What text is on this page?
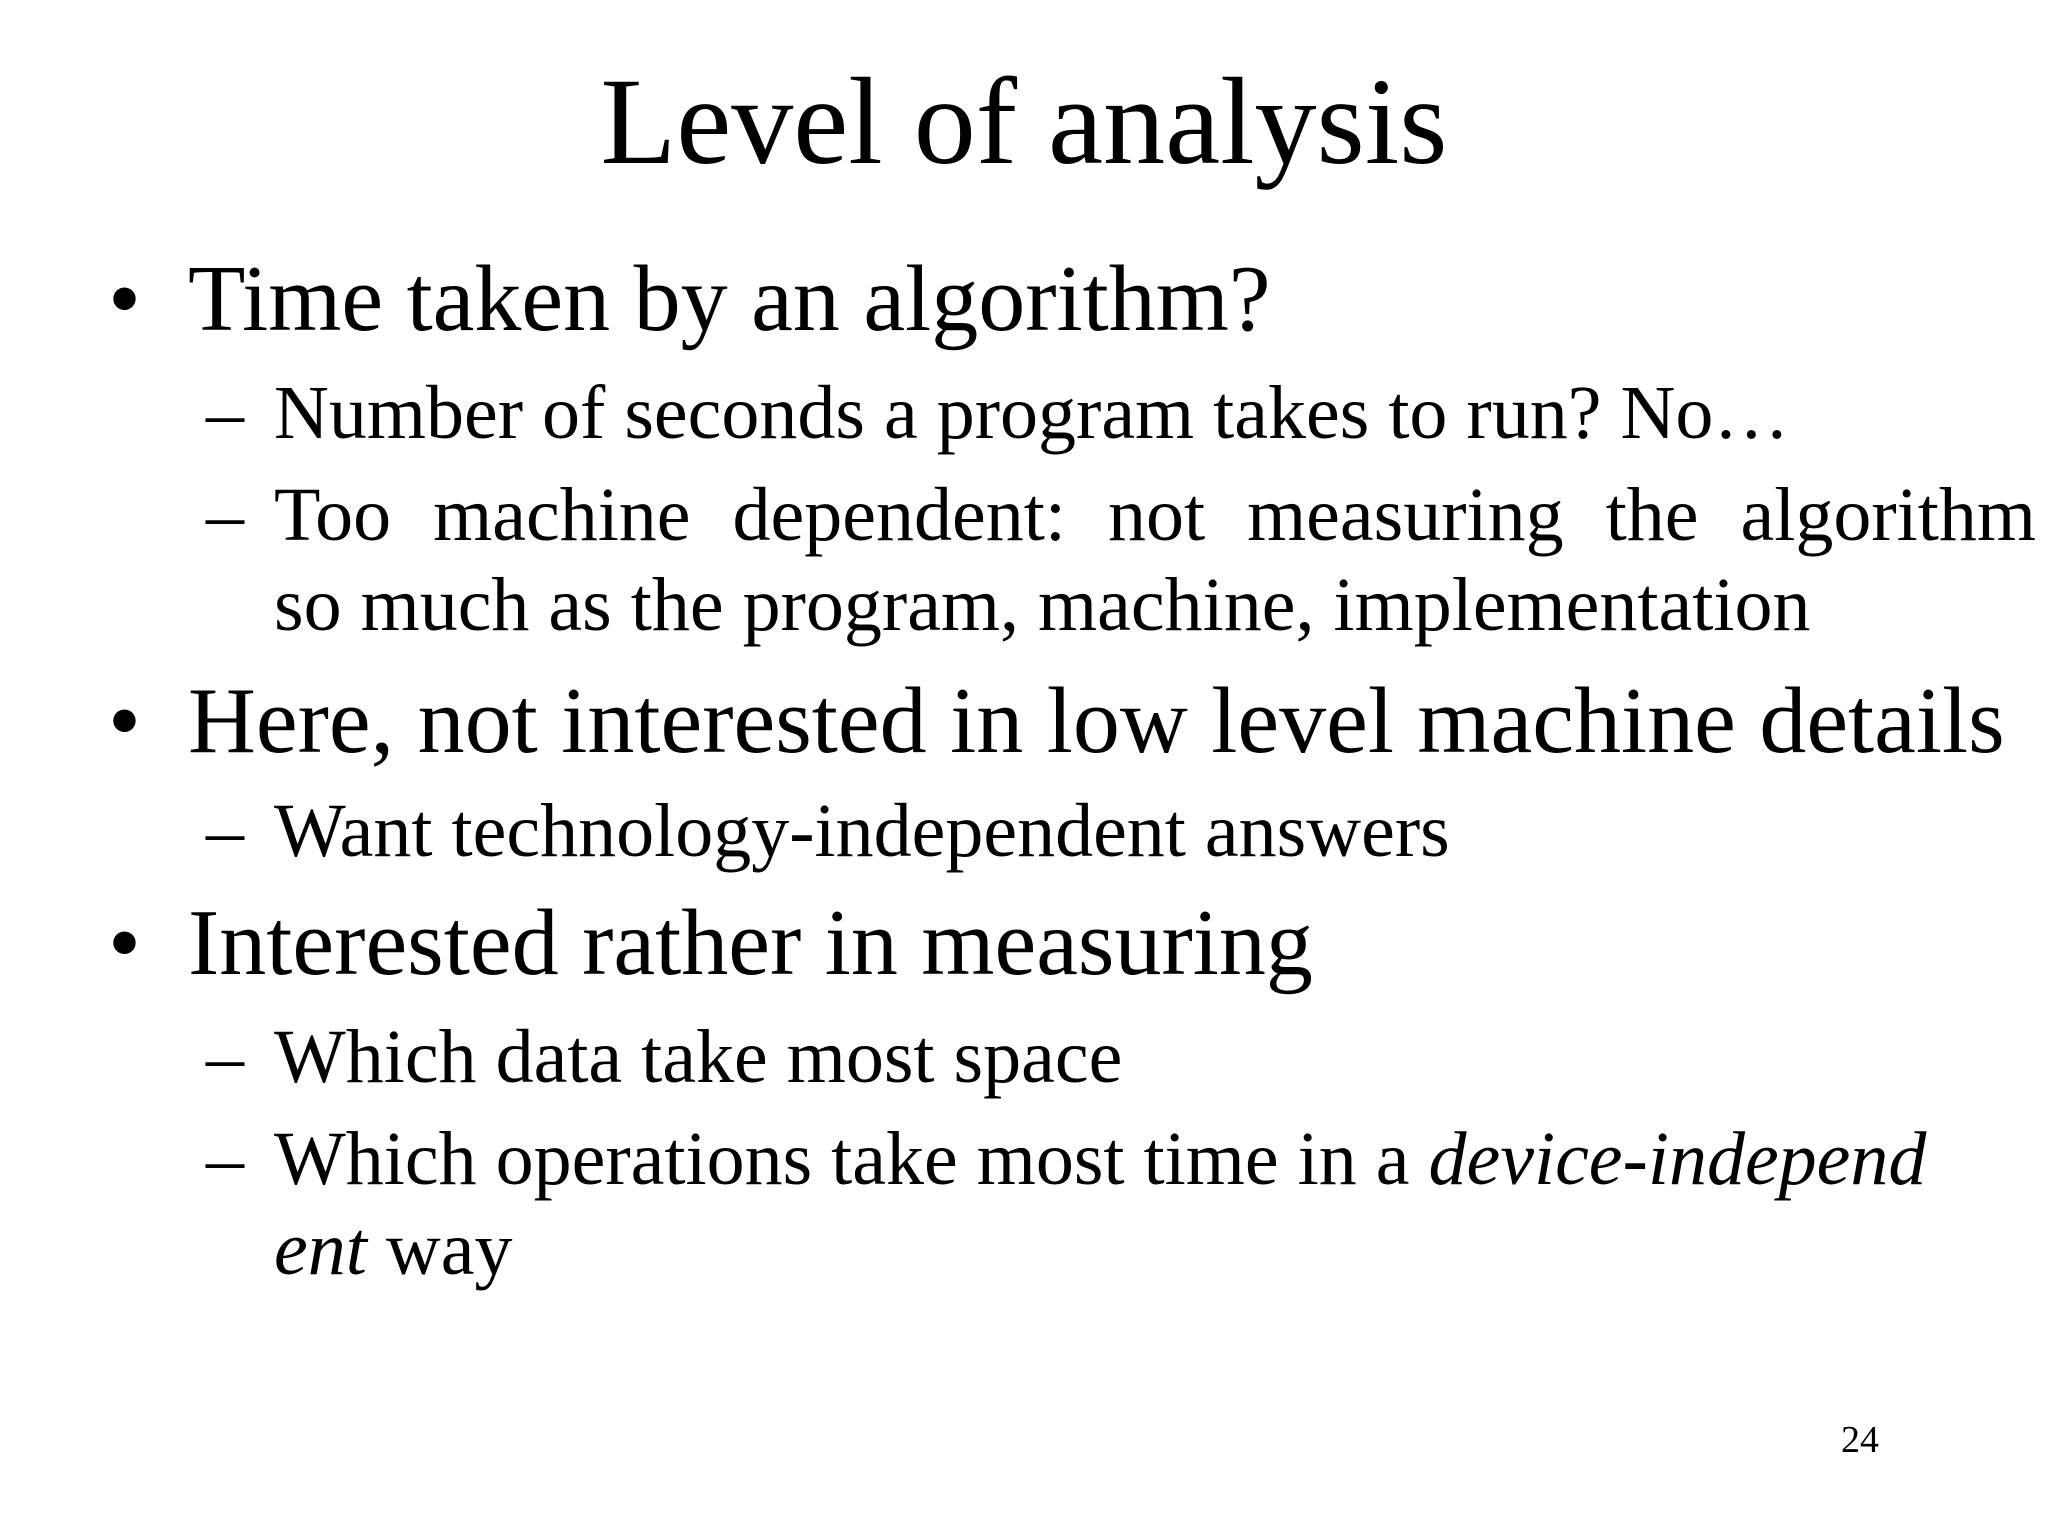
Level of analysis
• Time taken by an algorithm?
– Number of seconds a program takes to run? No…
– Too machine dependent: not measuring the algorithm
so much as the program, machine, implementation
• Here, not interested in low level machine details
– Want technology-independent answers
• Interested rather in measuring
– Which data take most space
– Which operations take most time in a device-independ
ent way
24
